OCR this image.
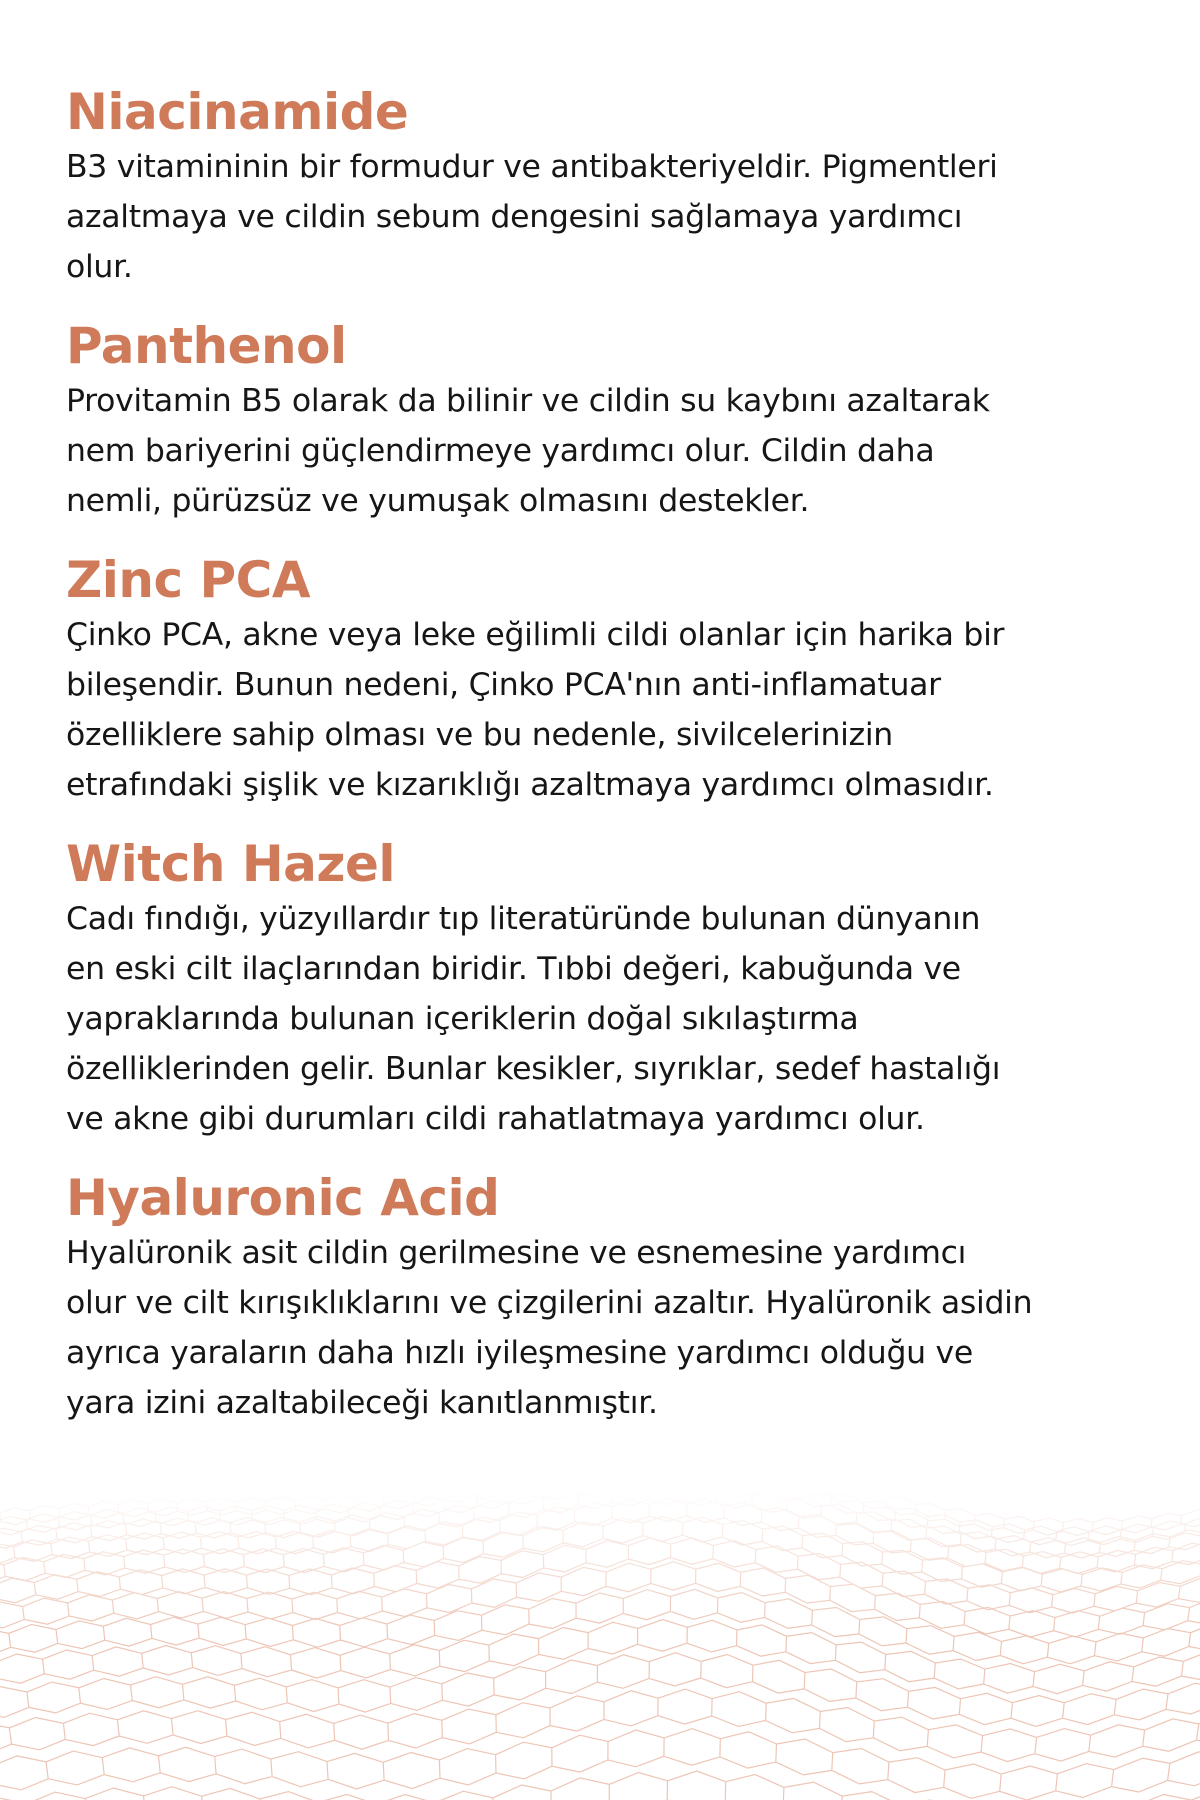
Niacinamide

B3 vitamininin bir formudur ve antibakteriyeldir. Pigmentleri
azaltmaya ve cildin sebum dengesini sağlamaya yardımcı
olur.

Panthenol

Provitamin B5 olarak da bilinir ve cildin su kaybını azaltarak
nem bariyerini güçlendirmeye yardımcı olur. Cildin daha
nemli, pürüzsüz ve yumuşak olmasını destekler.

Zinc PCA

Çinko PCA, akne veya leke eğilimli cildi olanlar için harika bir
bileşendir. Bunun nedeni, Çinko PCA'nın anti-inflamatuar
özelliklere sahip olması ve bu nedenle, sivilcelerinizin
etrafındaki şişlik ve kızarıklığı azaltmaya yardımcı olmasıdır.

Witch Hazel

Cadı fındığı, yüzyıllardır tıp literatüründe bulunan dünyanın
en eski cilt ilaçlarından biridir. Tıbbi değeri, kabuğunda ve
yapraklarında bulunan içeriklerin doğal sıkılaştırma
özelliklerinden gelir. Bunlar kesikler, sıyrıklar, sedef hastalığı
ve akne gibi durumları cildi rahatlatmaya yardımcı olur.

Hyaluronic Acid

Hyalüronik asit cildin gerilmesine ve esnemesine yardımcı
olur ve cilt kırışıklıklarını ve çizgilerini azaltır. Hyalüronik asidin
ayrıca yaraların daha hızlı iyileşmesine yardımcı olduğu ve
yara izini azaltabileceği kanıtlanmıştır.
